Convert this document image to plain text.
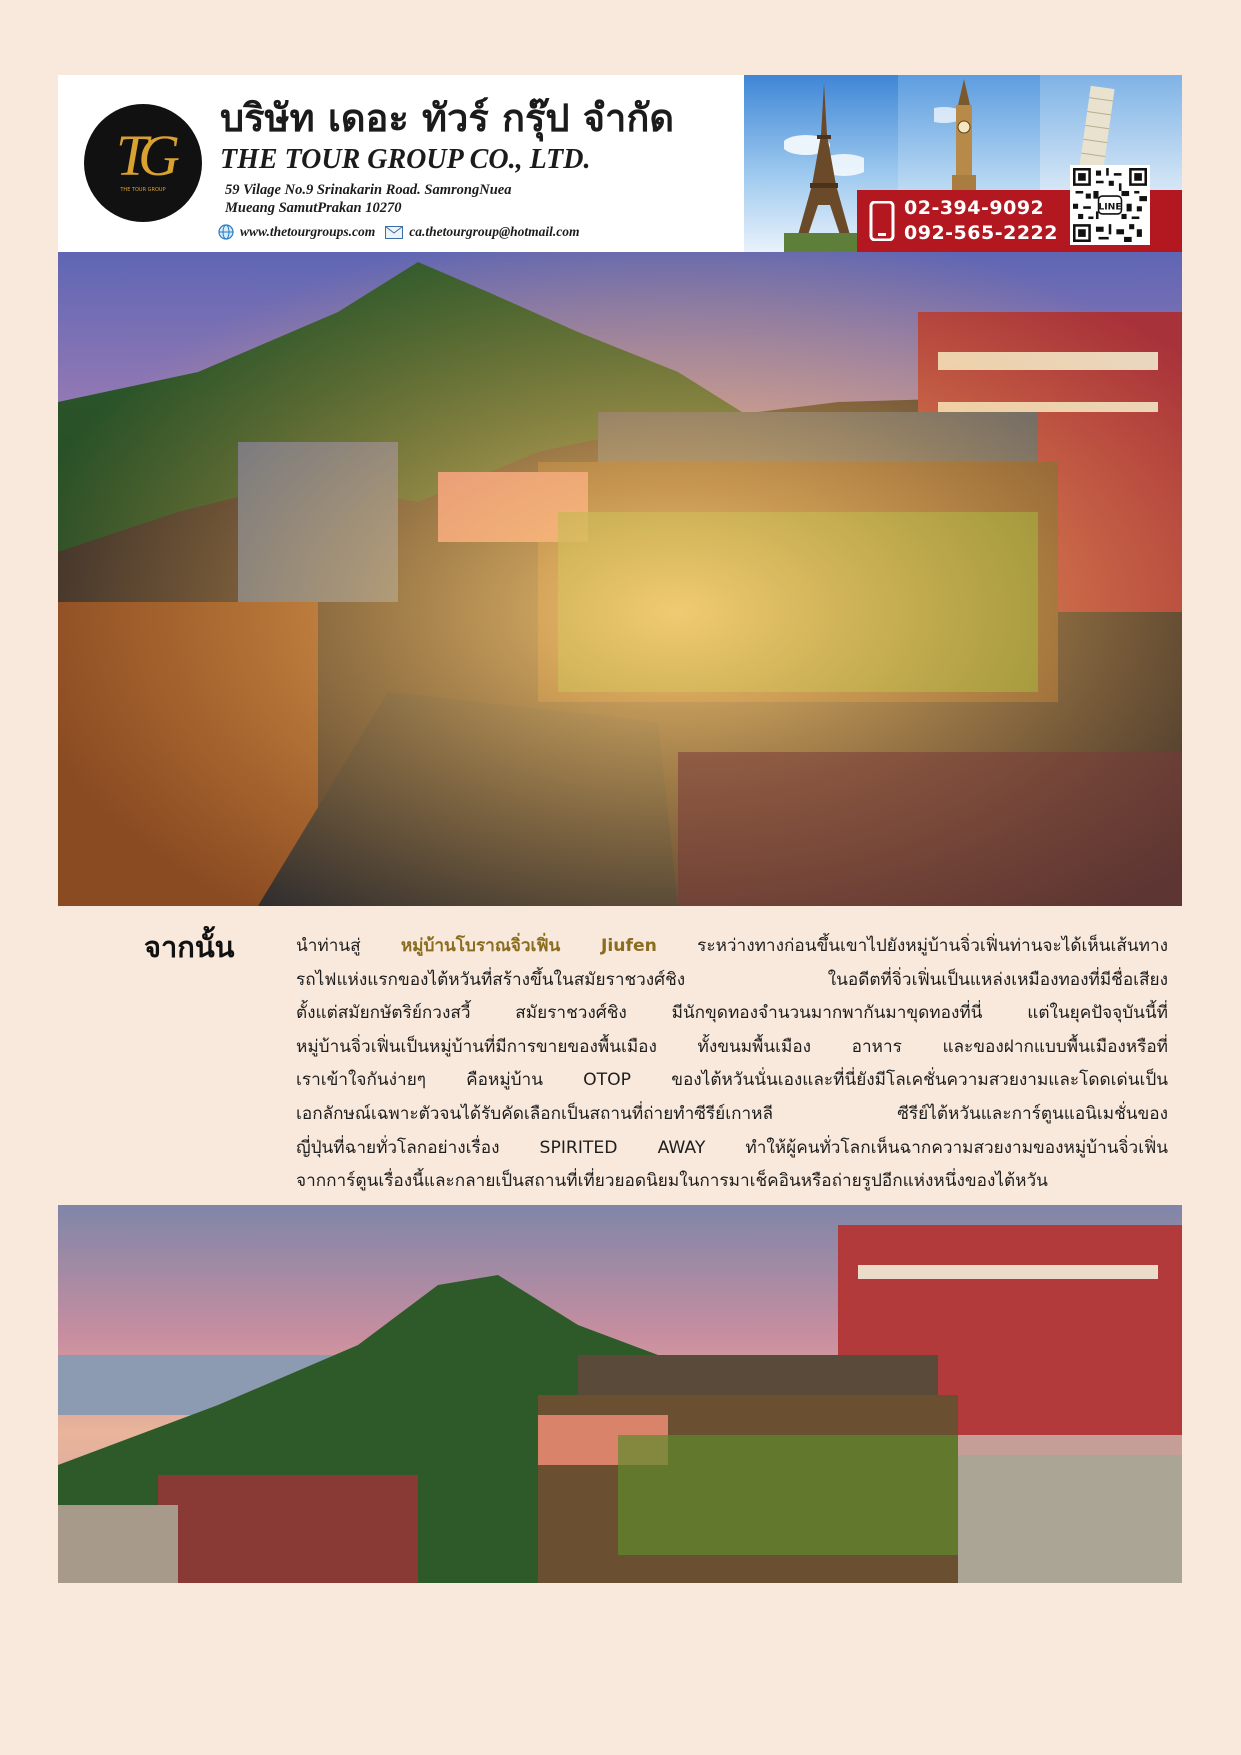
TG
THE TOUR GROUP
บริษัท เดอะ ทัวร์ กรุ๊ป จำกัด
THE TOUR GROUP CO., LTD.
59 Vilage No.9 Srinakarin Road. SamrongNuea
Mueang SamutPrakan 10270
www.thetourgroups.com	ca.thetourgroup@hotmail.com
02-394-9092
092-565-2222
LINE
จากนั้น	นำท่านสู่ หมู่บ้านโบราณจิ่วเฟิ่น Jiufen ระหว่างทางก่อนขึ้นเขาไปยังหมู่บ้านจิ่วเฟิ่นท่านจะได้เห็นเส้นทาง
รถไฟแห่งแรกของไต้หวันที่สร้างขึ้นในสมัยราชวงศ์ชิง ในอดีตที่จิ่วเฟิ่นเป็นแหล่งเหมืองทองที่มีชื่อเสียง
ตั้งแต่สมัยกษัตริย์กวงสวี้ สมัยราชวงศ์ชิง มีนักขุดทองจำนวนมากพากันมาขุดทองที่นี่ แต่ในยุคปัจจุบันนี้ที่
หมู่บ้านจิ่วเฟิ่นเป็นหมู่บ้านที่มีการขายของพื้นเมือง ทั้งขนมพื้นเมือง อาหาร และของฝากแบบพื้นเมืองหรือที่
เราเข้าใจกันง่ายๆ คือหมู่บ้าน OTOP ของไต้หวันนั่นเองและที่นี่ยังมีโลเคชั่นความสวยงามและโดดเด่นเป็น
เอกลักษณ์เฉพาะตัวจนได้รับคัดเลือกเป็นสถานที่ถ่ายทำซีรีย์เกาหลี ซีรีย์ไต้หวันและการ์ตูนแอนิเมชั่นของ
ญี่ปุ่นที่ฉายทั่วโลกอย่างเรื่อง SPIRITED AWAY ทำให้ผู้คนทั่วโลกเห็นฉากความสวยงามของหมู่บ้านจิ่วเฟิ่น
จากการ์ตูนเรื่องนี้และกลายเป็นสถานที่เที่ยวยอดนิยมในการมาเช็คอินหรือถ่ายรูปอีกแห่งหนึ่งของไต้หวัน
